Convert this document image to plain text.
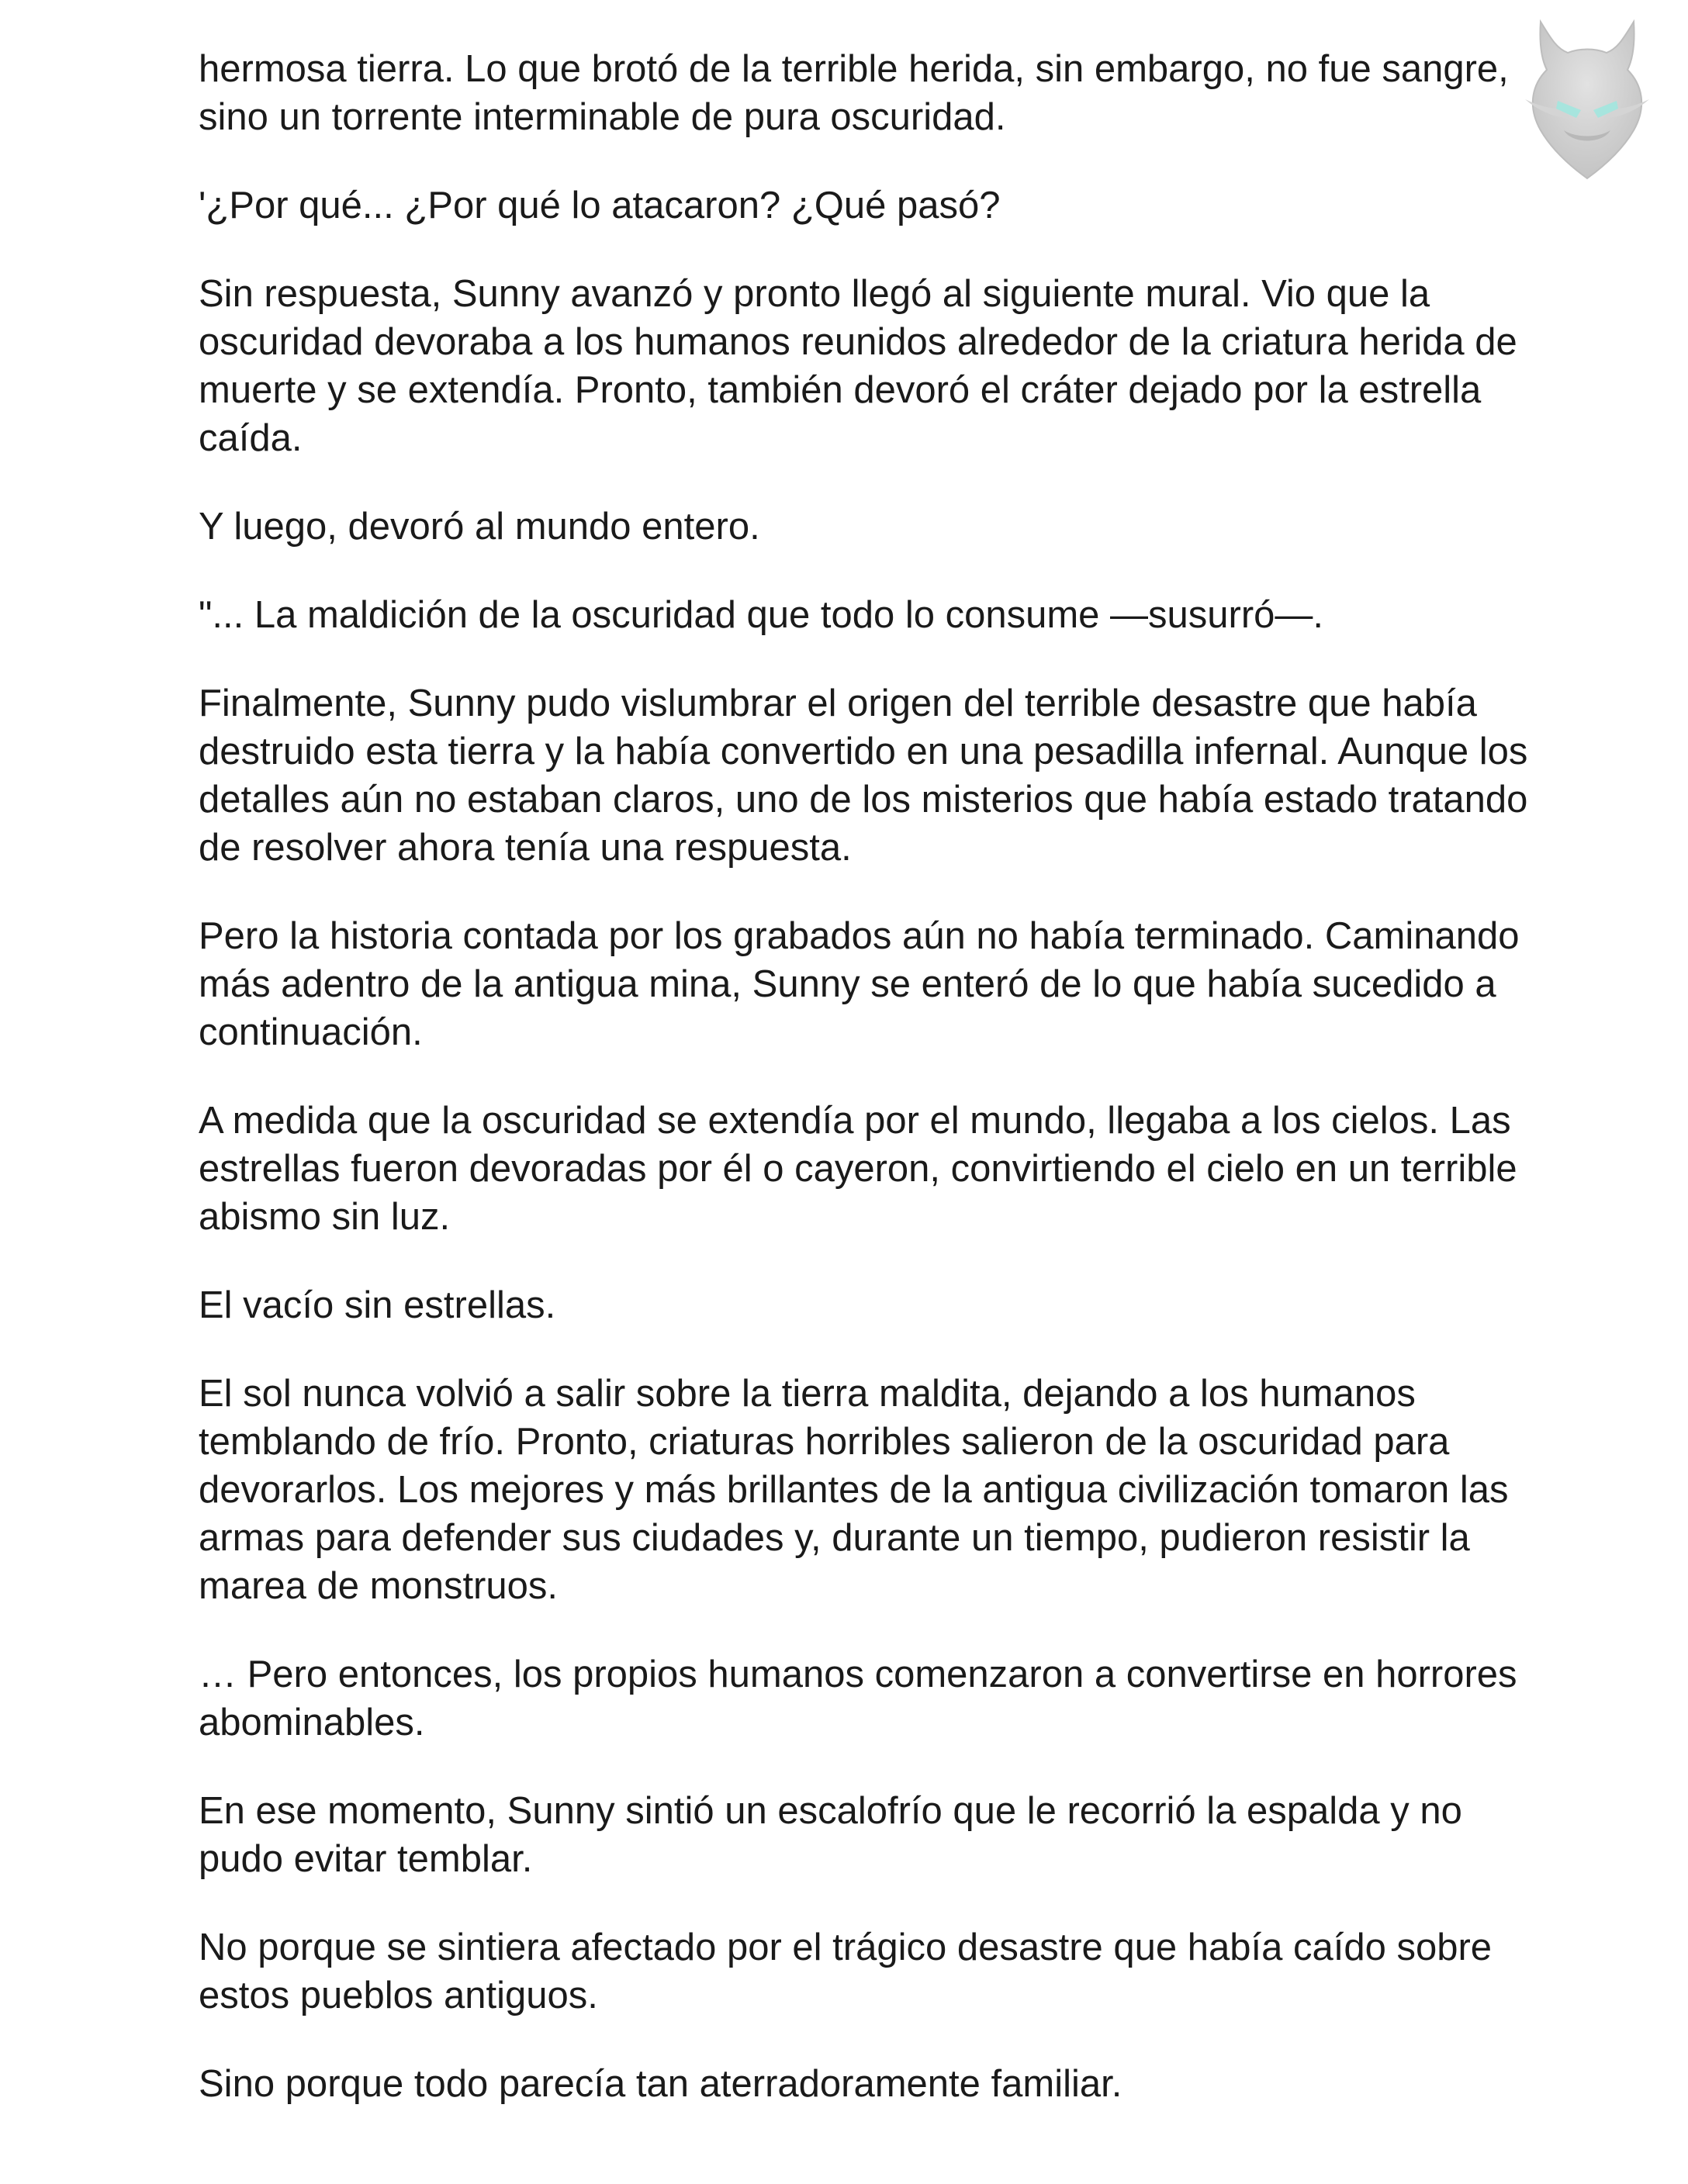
hermosa tierra. Lo que brotó de la terrible herida, sin embargo, no fue sangre, sino un torrente interminable de pura oscuridad.

'¿Por qué... ¿Por qué lo atacaron? ¿Qué pasó?

Sin respuesta, Sunny avanzó y pronto llegó al siguiente mural. Vio que la oscuridad devoraba a los humanos reunidos alrededor de la criatura herida de muerte y se extendía. Pronto, también devoró el cráter dejado por la estrella caída.

Y luego, devoró al mundo entero.

"... La maldición de la oscuridad que todo lo consume —susurró—.

Finalmente, Sunny pudo vislumbrar el origen del terrible desastre que había destruido esta tierra y la había convertido en una pesadilla infernal. Aunque los detalles aún no estaban claros, uno de los misterios que había estado tratando de resolver ahora tenía una respuesta.

Pero la historia contada por los grabados aún no había terminado. Caminando más adentro de la antigua mina, Sunny se enteró de lo que había sucedido a continuación.

A medida que la oscuridad se extendía por el mundo, llegaba a los cielos. Las estrellas fueron devoradas por él o cayeron, convirtiendo el cielo en un terrible abismo sin luz.

El vacío sin estrellas.

El sol nunca volvió a salir sobre la tierra maldita, dejando a los humanos temblando de frío. Pronto, criaturas horribles salieron de la oscuridad para devorarlos. Los mejores y más brillantes de la antigua civilización tomaron las armas para defender sus ciudades y, durante un tiempo, pudieron resistir la marea de monstruos.

… Pero entonces, los propios humanos comenzaron a convertirse en horrores abominables.

En ese momento, Sunny sintió un escalofrío que le recorrió la espalda y no pudo evitar temblar.

No porque se sintiera afectado por el trágico desastre que había caído sobre estos pueblos antiguos.

Sino porque todo parecía tan aterradoramente familiar.
